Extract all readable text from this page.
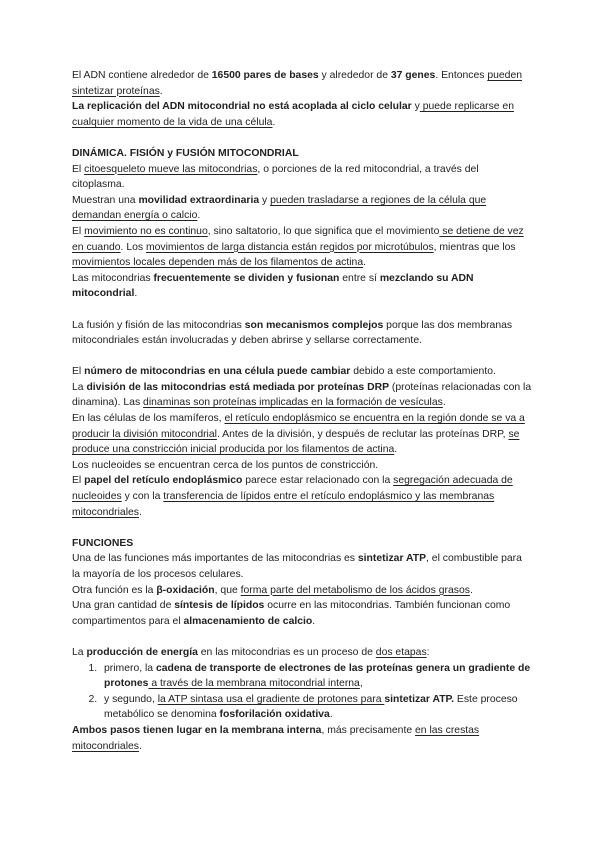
El ADN contiene alrededor de 16500 pares de bases y alrededor de 37 genes. Entonces pueden sintetizar proteínas.

La replicación del ADN mitocondrial no está acoplada al ciclo celular y puede replicarse en cualquier momento de la vida de una célula.

DINÁMICA. FISIÓN y FUSIÓN MITOCONDRIAL

El citoesqueleto mueve las mitocondrias, o porciones de la red mitocondrial, a través del citoplasma.

Muestran una movilidad extraordinaria y pueden trasladarse a regiones de la célula que demandan energía o calcio.

El movimiento no es continuo, sino saltatorio, lo que significa que el movimiento se detiene de vez en cuando. Los movimientos de larga distancia están regidos por microtúbulos, mientras que los movimientos locales dependen más de los filamentos de actina.

Las mitocondrias frecuentemente se dividen y fusionan entre sí mezclando su ADN mitocondrial.

La fusión y fisión de las mitocondrias son mecanismos complejos porque las dos membranas mitocondriales están involucradas y deben abrirse y sellarse correctamente.

El número de mitocondrias en una célula puede cambiar debido a este comportamiento.

La división de las mitocondrias está mediada por proteínas DRP (proteínas relacionadas con la dinamina). Las dinaminas son proteínas implicadas en la formación de vesículas.

En las células de los mamíferos, el retículo endoplásmico se encuentra en la región donde se va a producir la división mitocondrial. Antes de la división, y después de reclutar las proteínas DRP, se produce una constricción inicial producida por los filamentos de actina.

Los nucleoides se encuentran cerca de los puntos de constricción.

El papel del retículo endoplásmico parece estar relacionado con la segregación adecuada de nucleoides y con la transferencia de lípidos entre el retículo endoplásmico y las membranas mitocondriales.

FUNCIONES

Una de las funciones más importantes de las mitocondrias es sintetizar ATP, el combustible para la mayoría de los procesos celulares.

Otra función es la β-oxidación, que forma parte del metabolismo de los ácidos grasos.

Una gran cantidad de síntesis de lípidos ocurre en las mitocondrias. También funcionan como compartimentos para el almacenamiento de calcio.

La producción de energía en las mitocondrias es un proceso de dos etapas:

1. primero, la cadena de transporte de electrones de las proteínas genera un gradiente de protones a través de la membrana mitocondrial interna,
2. y segundo, la ATP sintasa usa el gradiente de protones para sintetizar ATP. Este proceso metabólico se denomina fosforilación oxidativa.

Ambos pasos tienen lugar en la membrana interna, más precisamente en las crestas mitocondriales.
